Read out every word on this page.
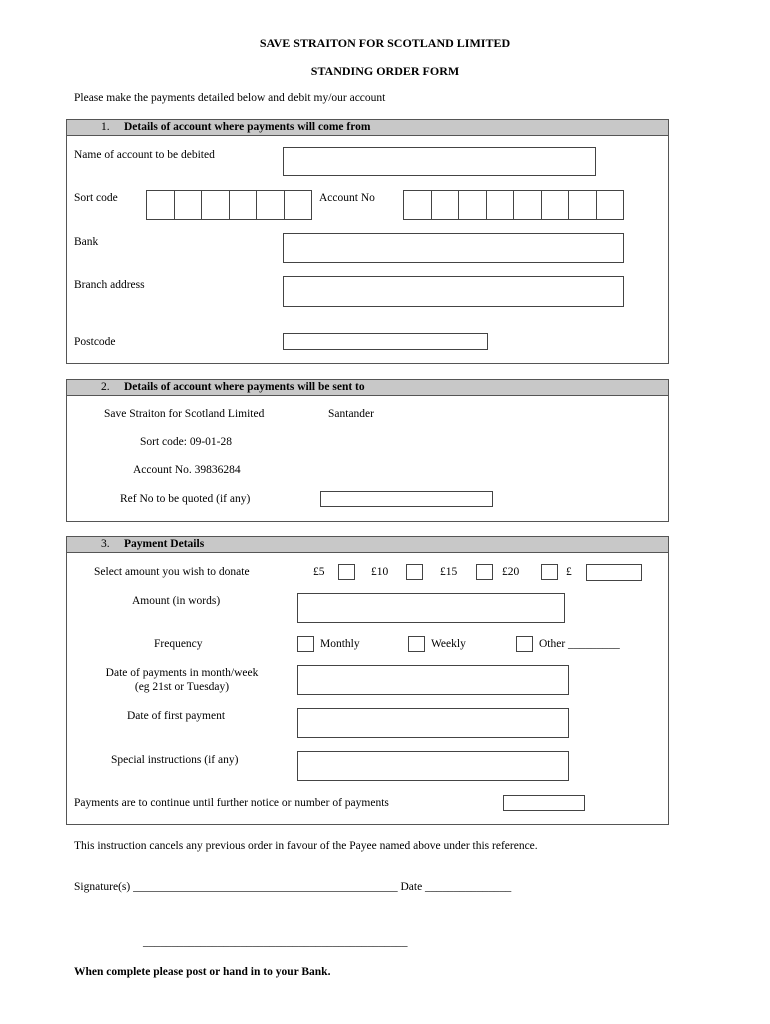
SAVE STRAITON FOR SCOTLAND LIMITED
STANDING ORDER FORM
Please make the payments detailed below and debit my/our account
1. Details of account where payments will come from
Name of account to be debited
Sort code	Account No
Bank
Branch address
Postcode
2. Details of account where payments will be sent to
Save Straiton for Scotland Limited	Santander
Sort code: 09-01-28
Account No. 39836284
Ref No to be quoted (if any)
3. Payment Details
Select amount you wish to donate	£5	£10	£15	£20	£
Amount (in words)
Frequency	Monthly	Weekly	Other _________
Date of payments in month/week
(eg 21st or Tuesday)
Date of first payment
Special instructions (if any)
Payments are to continue until further notice or number of payments
This instruction cancels any previous order in favour of the Payee named above under this reference.
Signature(s) ______________________________________________ Date _______________
______________________________________________
When complete please post or hand in to your Bank.
